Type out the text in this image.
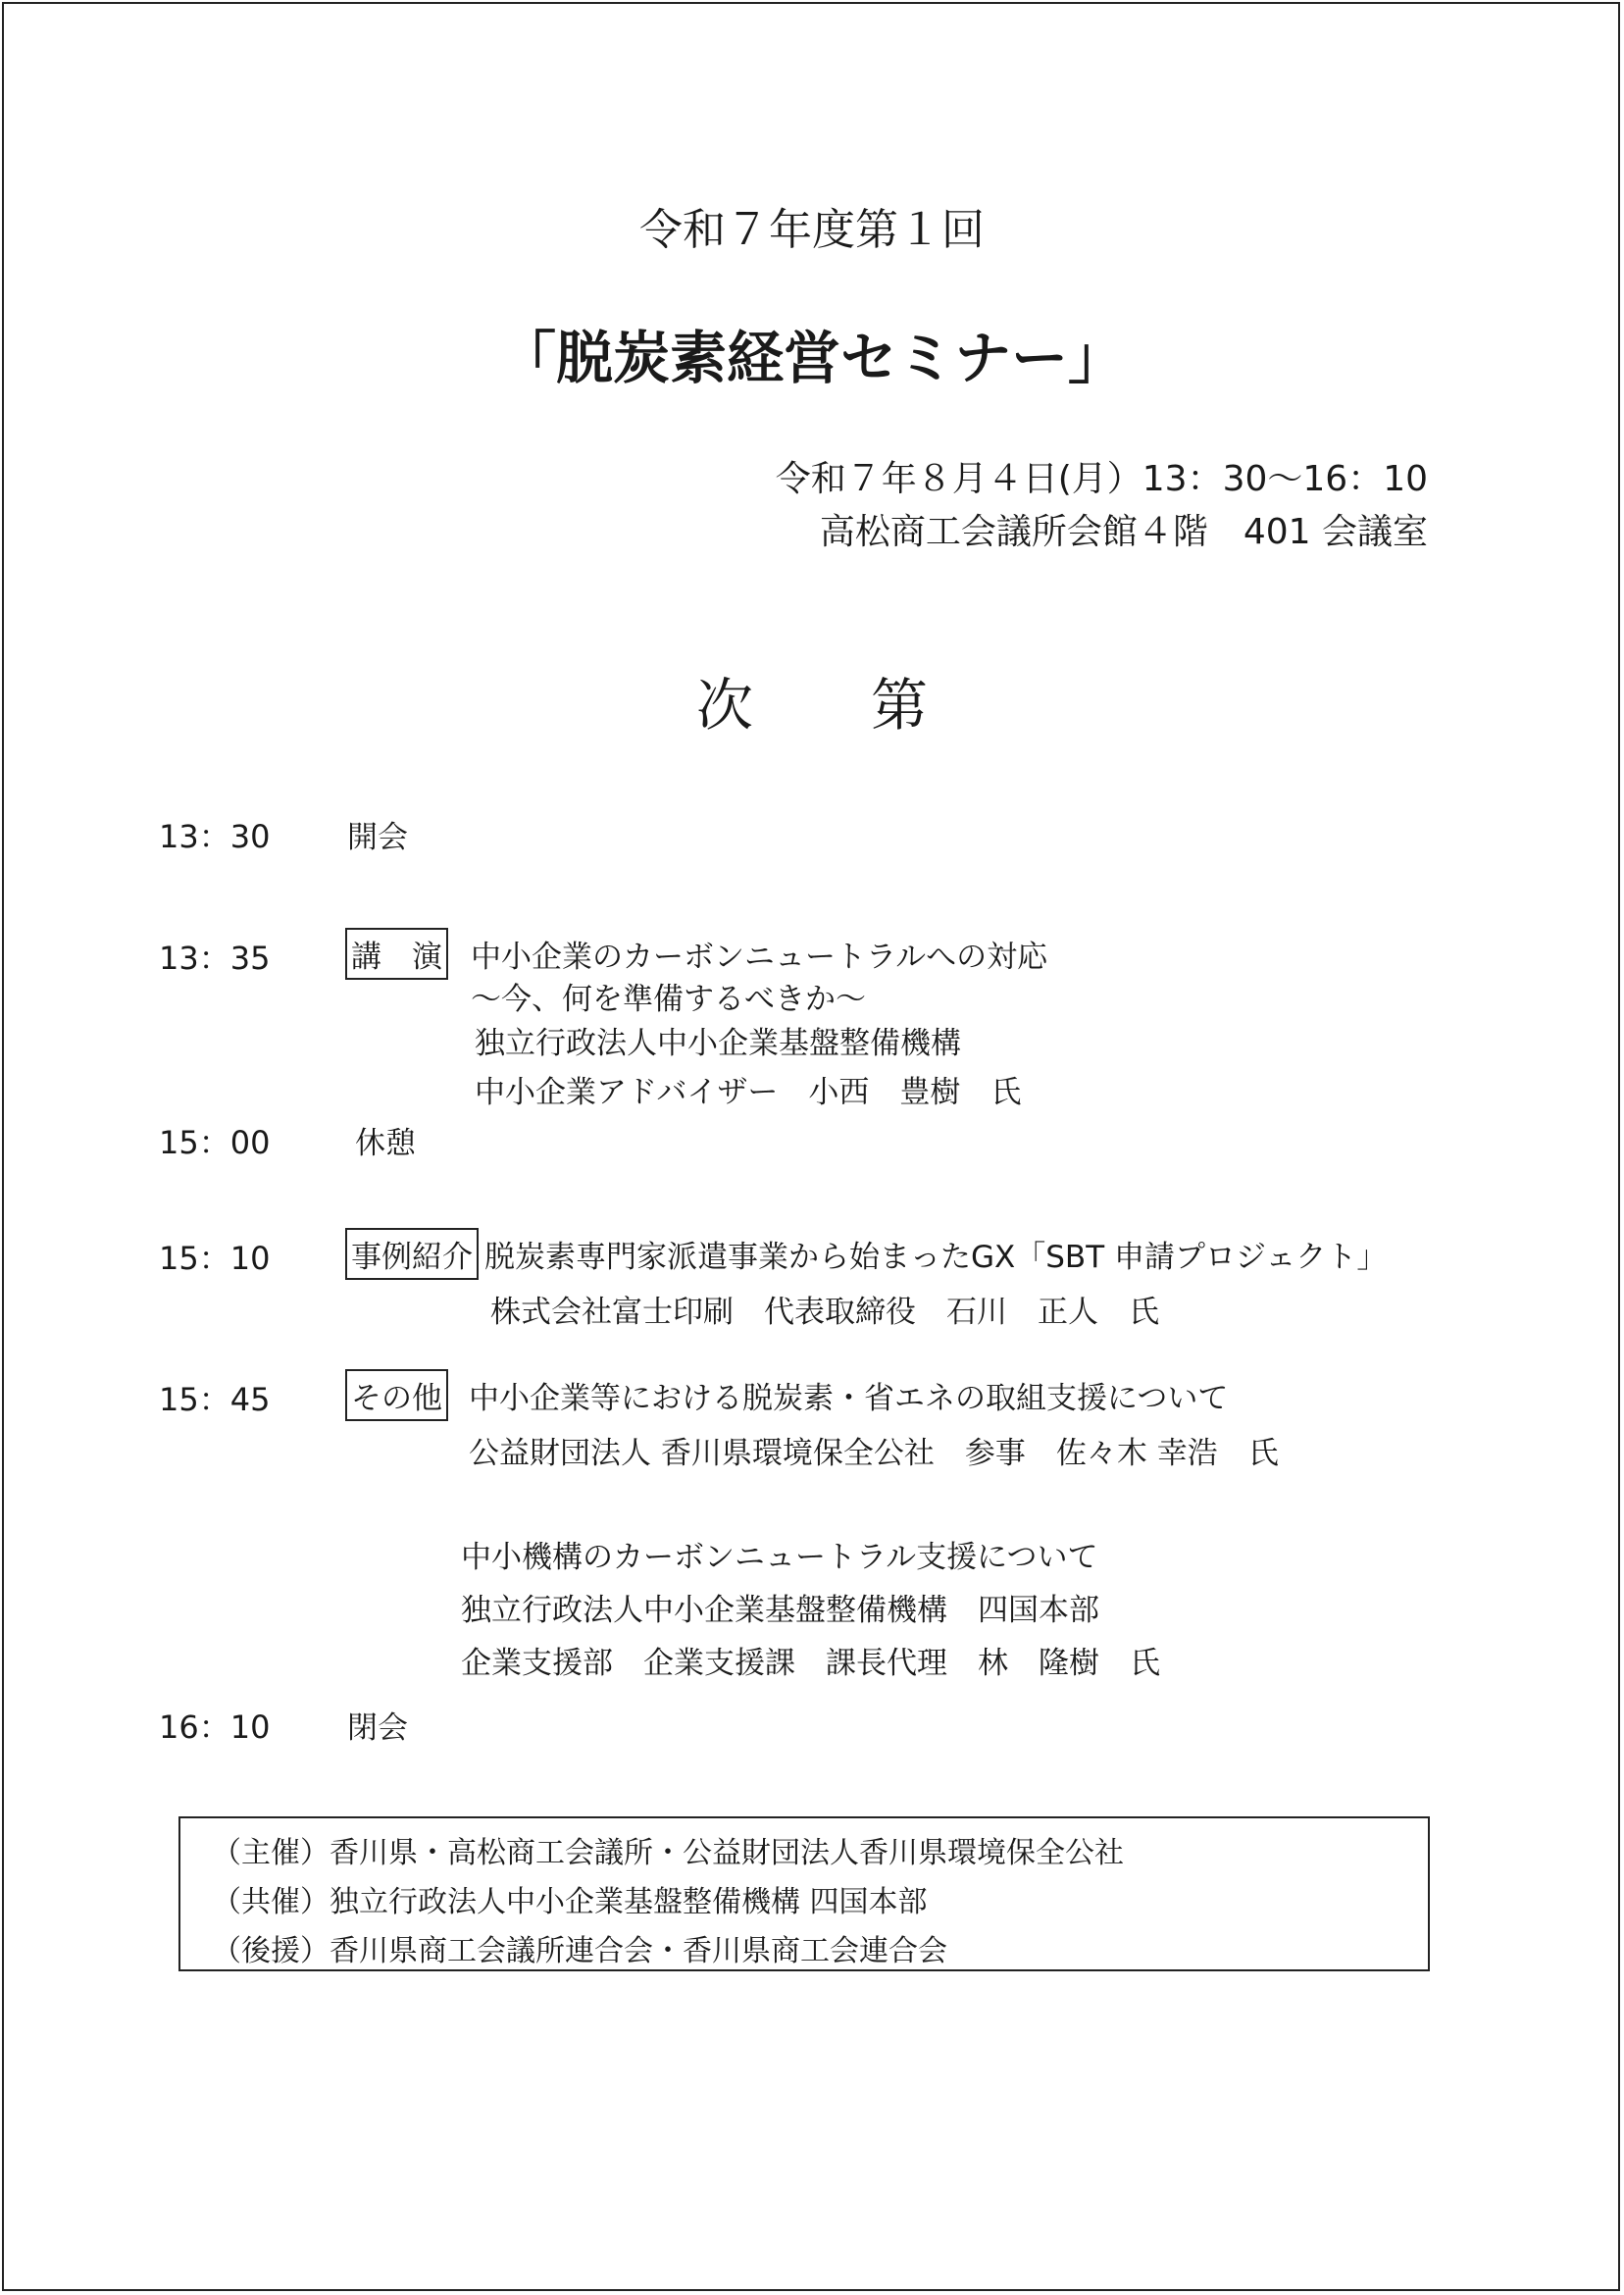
令和７年度第１回
「脱炭素経営セミナー」
令和７年８月４日(月）13：30～16：10
高松商工会議所会館４階　401 会議室
次第
13：30	開会
13：35	講　演 中小企業のカーボンニュートラルへの対応
～今、何を準備するべきか～
独立行政法人中小企業基盤整備機構
中小企業アドバイザー　小西　豊樹　氏
15：00	休憩
15：10	事例紹介 脱炭素専門家派遣事業から始まったGX「SBT 申請プロジェクト」
株式会社富士印刷　代表取締役　石川　正人　氏
15：45	その他 中小企業等における脱炭素・省エネの取組支援について
公益財団法人 香川県環境保全公社　参事　佐々木 幸浩　氏
中小機構のカーボンニュートラル支援について
独立行政法人中小企業基盤整備機構　四国本部
企業支援部　企業支援課　課長代理　林　隆樹　氏
16：10	閉会
（主催）香川県・高松商工会議所・公益財団法人香川県環境保全公社
（共催）独立行政法人中小企業基盤整備機構 四国本部
（後援）香川県商工会議所連合会・香川県商工会連合会
